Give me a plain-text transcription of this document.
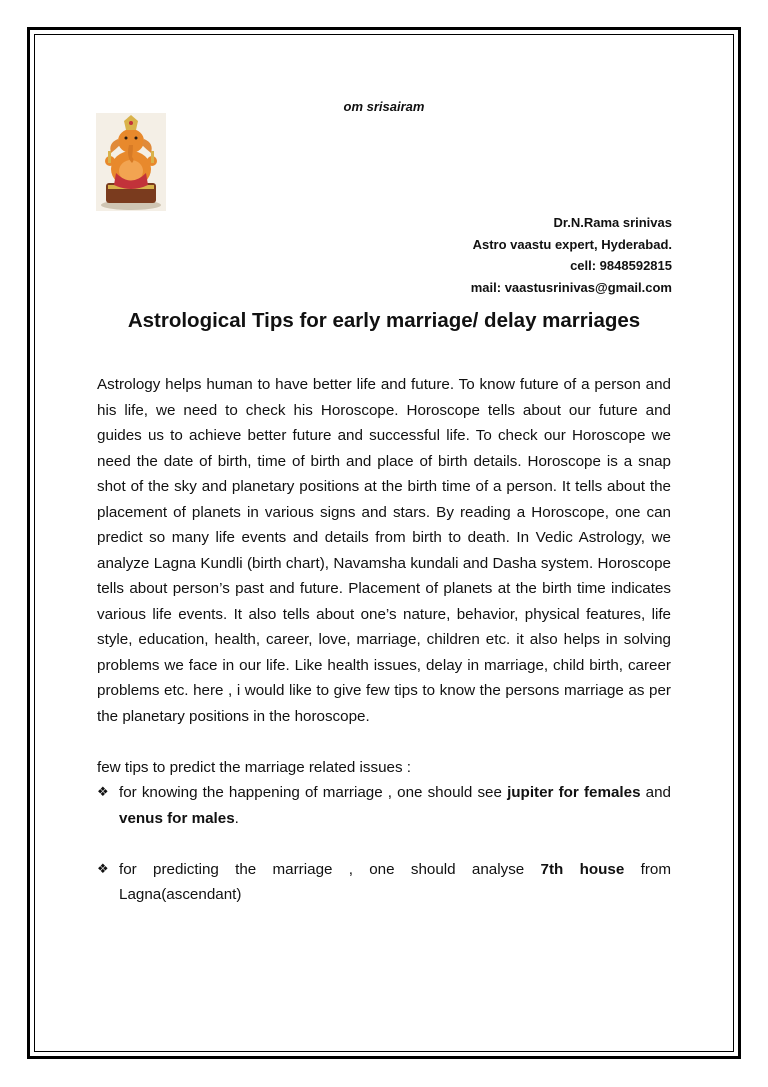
om srisairam
Dr.N.Rama srinivas
Astro vaastu expert, Hyderabad.
cell: 9848592815
mail: vaastusrinivas@gmail.com
Astrological Tips for early marriage/ delay marriages

Astrology helps human to have better life and future. To know future of a person and his life, we need to check his Horoscope. Horoscope tells about our future and guides us to achieve better future and successful life. To check our Horoscope we need the date of birth, time of birth and place of birth details. Horoscope is a snap shot of the sky and planetary positions at the birth time of a person. It tells about the placement of planets in various signs and stars. By reading a Horoscope, one can predict so many life events and details from birth to death. In Vedic Astrology, we analyze Lagna Kundli (birth chart), Navamsha kundali and Dasha system. Horoscope tells about person’s past and future. Placement of planets at the birth time indicates various life events. It also tells about one’s nature, behavior, physical features, life style, education, health, career, love, marriage, children etc. it also helps in solving problems we face in our life. Like health issues, delay in marriage, child birth, career problems etc. here , i would like to give few tips to know the persons marriage as per the planetary positions in the horoscope.

few tips to predict the marriage related issues :

❖ for knowing the happening of marriage , one should see jupiter for females and venus for males.
❖ for predicting the marriage , one should analyse 7th house from Lagna(ascendant)
